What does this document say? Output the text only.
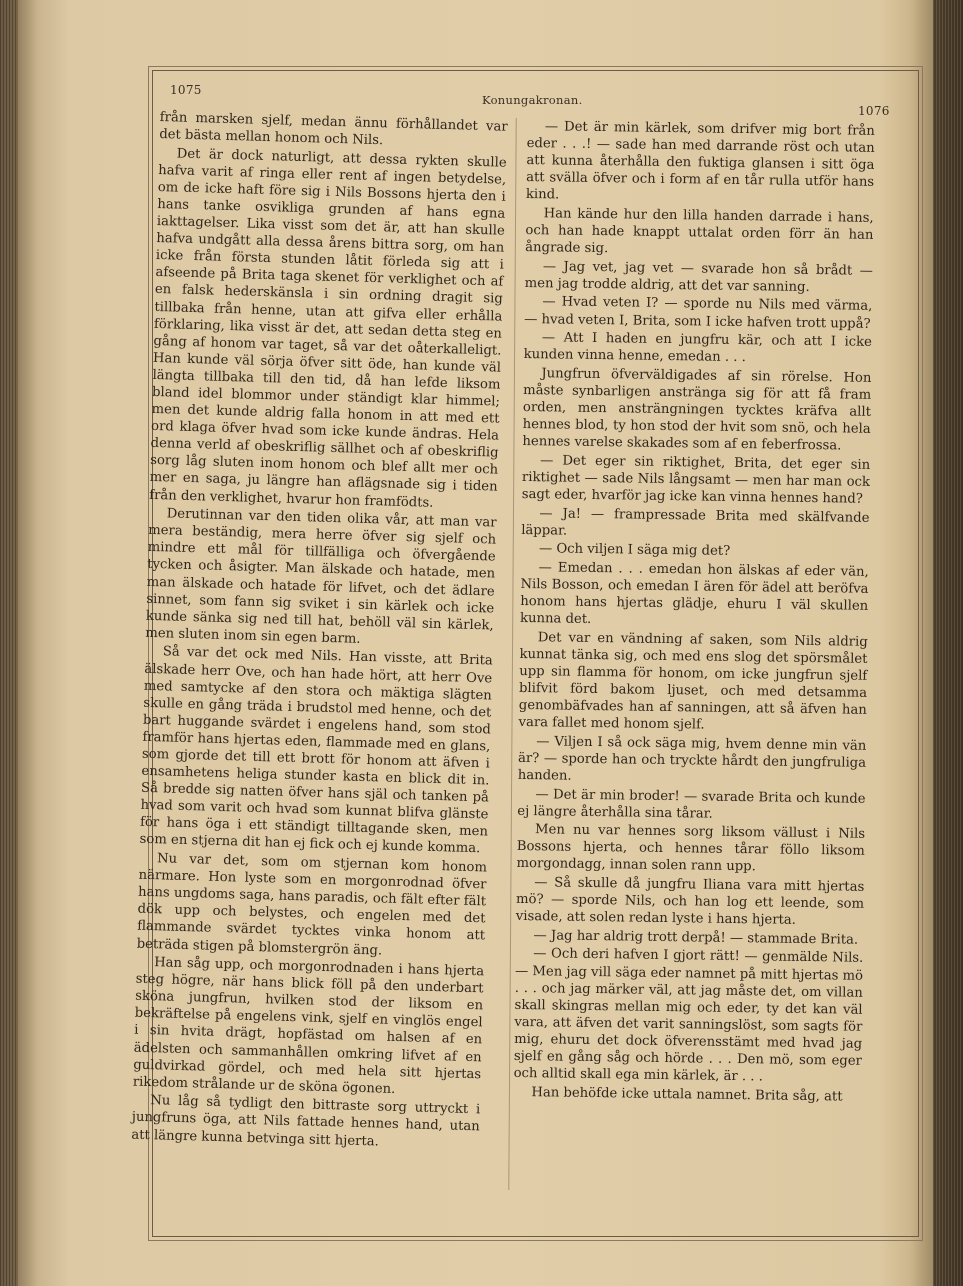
1075
Konungakronan.
1076

från marsken sjelf, medan ännu förhållandet var det bästa mellan honom och Nils.

Det är dock naturligt, att dessa rykten skulle hafva varit af ringa eller rent af ingen betydelse, om de icke haft före sig i Nils Bossons hjerta den i hans tanke osvikliga grunden af hans egna iakttagelser. Lika visst som det är, att han skulle hafva undgått alla dessa årens bittra sorg, om han icke från första stunden låtit förleda sig att i afseende på Brita taga skenet för verklighet och af en falsk hederskänsla i sin ordning dragit sig tillbaka från henne, utan att gifva eller erhålla förklaring, lika visst är det, att sedan detta steg en gång af honom var taget, så var det oåterkalleligt. Han kunde väl sörja öfver sitt öde, han kunde väl längta tillbaka till den tid, då han lefde liksom bland idel blommor under ständigt klar himmel; men det kunde aldrig falla honom in att med ett ord klaga öfver hvad som icke kunde ändras. Hela denna verld af obeskriflig sällhet och af obeskriflig sorg låg sluten inom honom och blef allt mer och mer en saga, ju längre han aflägsnade sig i tiden från den verklighet, hvarur hon framfödts.

Derutinnan var den tiden olika vår, att man var mera beständig, mera herre öfver sig sjelf och mindre ett mål för tillfälliga och öfvergående tycken och åsigter. Man älskade och hatade, men man älskade och hatade för lifvet, och det ädlare sinnet, som fann sig sviket i sin kärlek och icke kunde sänka sig ned till hat, behöll väl sin kärlek, men sluten inom sin egen barm.

Så var det ock med Nils. Han visste, att Brita älskade herr Ove, och han hade hört, att herr Ove med samtycke af den stora och mäktiga slägten skulle en gång träda i brudstol med henne, och det bart huggande svärdet i engelens hand, som stod framför hans hjertas eden, flammade med en glans, som gjorde det till ett brott för honom att äfven i ensamhetens heliga stunder kasta en blick dit in. Så bredde sig natten öfver hans själ och tanken på hvad som varit och hvad som kunnat blifva glänste för hans öga i ett ständigt tilltagande sken, men som en stjerna dit han ej fick och ej kunde komma.

Nu var det, som om stjernan kom honom närmare. Hon lyste som en morgonrodnad öfver hans ungdoms saga, hans paradis, och fält efter fält dök upp och belystes, och engelen med det flammande svärdet tycktes vinka honom att beträda stigen på blomstergrön äng.

Han såg upp, och morgonrodnaden i hans hjerta steg högre, när hans blick föll på den underbart sköna jungfrun, hvilken stod der liksom en bekräftelse på engelens vink, sjelf en vinglös engel i sin hvita drägt, hopfästad om halsen af en ädelsten och sammanhållen omkring lifvet af en guldvirkad gördel, och med hela sitt hjertas rikedom strålande ur de sköna ögonen.

Nu låg så tydligt den bittraste sorg uttryckt i jungfruns öga, att Nils fattade hennes hand, utan att längre kunna betvinga sitt hjerta.

— Det är min kärlek, som drifver mig bort från eder . . .! — sade han med darrande röst och utan att kunna återhålla den fuktiga glansen i sitt öga att svälla öfver och i form af en tår rulla utför hans kind.

Han kände hur den lilla handen darrade i hans, och han hade knappt uttalat orden förr än han ångrade sig.

— Jag vet, jag vet — svarade hon så brådt — men jag trodde aldrig, att det var sanning.

— Hvad veten I? — sporde nu Nils med värma, — hvad veten I, Brita, som I icke hafven trott uppå?

— Att I haden en jungfru kär, och att I icke kunden vinna henne, emedan . . .

Jungfrun öfverväldigades af sin rörelse. Hon måste synbarligen anstränga sig för att få fram orden, men ansträngningen tycktes kräfva allt hennes blod, ty hon stod der hvit som snö, och hela hennes varelse skakades som af en feberfrossa.

— Det eger sin riktighet, Brita, det eger sin riktighet — sade Nils långsamt — men har man ock sagt eder, hvarför jag icke kan vinna hennes hand?

— Ja! — frampressade Brita med skälfvande läppar.

— Och viljen I säga mig det?

— Emedan . . . emedan hon älskas af eder vän, Nils Bosson, och emedan I ären för ädel att beröfva honom hans hjertas glädje, ehuru I väl skullen kunna det.

Det var en vändning af saken, som Nils aldrig kunnat tänka sig, och med ens slog det spörsmålet upp sin flamma för honom, om icke jungfrun sjelf blifvit förd bakom ljuset, och med detsamma genombäfvades han af sanningen, att så äfven han vara fallet med honom sjelf.

— Viljen I så ock säga mig, hvem denne min vän är? — sporde han och tryckte hårdt den jungfruliga handen.

— Det är min broder! — svarade Brita och kunde ej längre återhålla sina tårar.

Men nu var hennes sorg liksom vällust i Nils Bossons hjerta, och hennes tårar föllo liksom morgondagg, innan solen rann upp.

— Så skulle då jungfru Iliana vara mitt hjertas mö? — sporde Nils, och han log ett leende, som visade, att solen redan lyste i hans hjerta.

— Jag har aldrig trott derpå! — stammade Brita.

— Och deri hafven I gjort rätt! — genmälde Nils. — Men jag vill säga eder namnet på mitt hjertas mö . . . och jag märker väl, att jag måste det, om villan skall skingras mellan mig och eder, ty det kan väl vara, att äfven det varit sanningslöst, som sagts för mig, ehuru det dock öfverensstämt med hvad jag sjelf en gång såg och hörde . . . Den mö, som eger och alltid skall ega min kärlek, är . . .

Han behöfde icke uttala namnet. Brita såg, att
